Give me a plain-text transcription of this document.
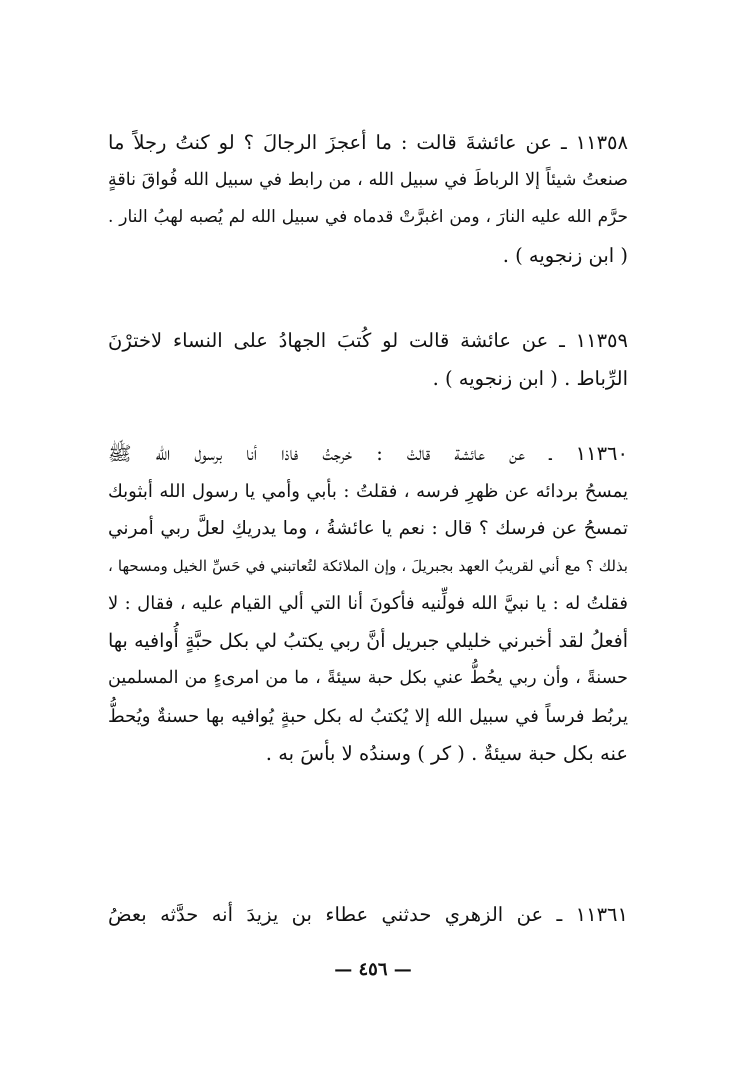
١١٣٥٨ ـ عن عائشةَ قالت : ما أعجزَ الرجالَ ؟ لو كنتُ رجلاً ما
صنعتُ شيئاً إلا الرباطَ في سبيل الله ، من رابط في سبيل الله فُواقَ ناقةٍ
حرَّم الله عليه النارَ ، ومن اغبرَّتْ قدماه في سبيل الله لم يُصبه لهبُ النار .
( ابن زنجويه ) .
١١٣٥٩ ـ عن عائشة قالت لو كُتبَ الجهادُ على النساء لاخترْنَ
الرِّباط . ( ابن زنجويه ) .
١١٣٦٠ ـ عن عائشة قالتْ : خرجتُ فاذا أنا برسول الله ﷺ
يمسحُ بردائه عن ظهرِ فرسه ، فقلتُ : بأبي وأمي يا رسول الله أبثوبك
تمسحُ عن فرسك ؟ قال : نعم يا عائشةُ ، وما يدريكِ لعلَّ ربي أمرني
بذلك ؟ مع أني لقريبُ العهد بجبريلَ ، وإن الملائكة لتُعاتبني في حَسِّ الخيل ومسحها ،
فقلتُ له : يا نبيَّ الله فولِّنيه فأكونَ أنا التي ألي القيام عليه ، فقال : لا
أفعلُ لقد أخبرني خليلي جبريل أنَّ ربي يكتبُ لي بكل حبَّةٍ أُوافيه بها
حسنةً ، وأن ربي يحُطُّ عني بكل حبة سيئةً ، ما من امرىءٍ من المسلمين
يربُط فرساً في سبيل الله إلا يُكتبُ له بكل حبةٍ يُوافيه بها حسنةٌ ويُحطُّ
عنه بكل حبة سيئةٌ . ( كر ) وسندُه لا بأسَ به .
١١٣٦١ ـ عن الزهري حدثني عطاء بن يزيدَ أنه حدَّثه بعضُ
— ٤٥٦ —
